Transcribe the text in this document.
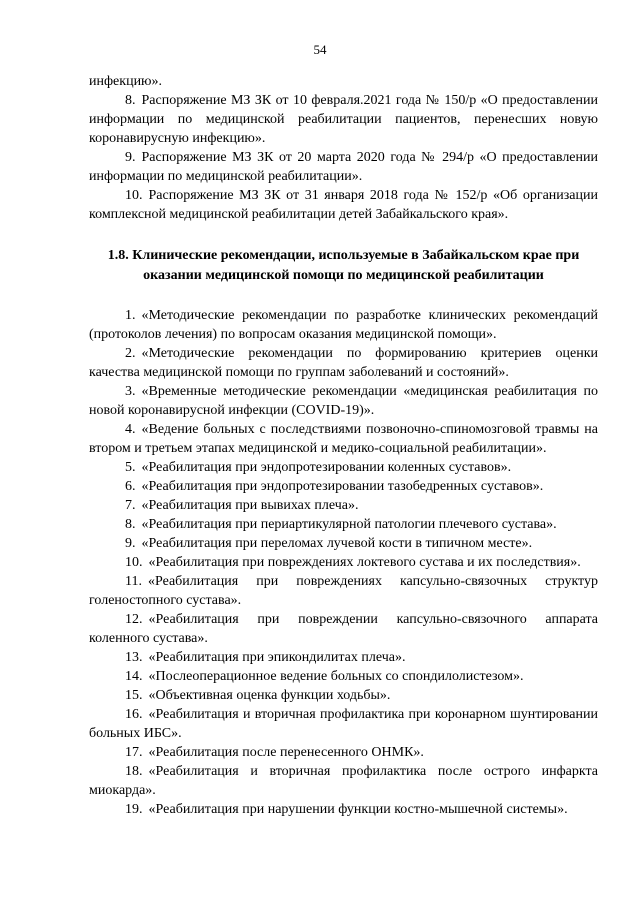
54

инфекцию».

8. Распоряжение МЗ ЗК от 10 февраля.2021 года № 150/р «О предоставлении информации по медицинской реабилитации пациентов, перенесших новую коронавирусную инфекцию».

9. Распоряжение МЗ ЗК от 20 марта 2020 года № 294/р «О предоставлении информации по медицинской реабилитации».

10. Распоряжение МЗ ЗК от 31 января 2018 года № 152/р «Об организации комплексной медицинской реабилитации детей Забайкальского края».

1.8. Клинические рекомендации, используемые в Забайкальском крае при оказании медицинской помощи по медицинской реабилитации

1. «Методические рекомендации по разработке клинических рекомендаций (протоколов лечения) по вопросам оказания медицинской помощи».

2. «Методические рекомендации по формированию критериев оценки качества медицинской помощи по группам заболеваний и состояний».

3. «Временные методические рекомендации «медицинская реабилитация по новой коронавирусной инфекции (COVID-19)».

4. «Ведение больных с последствиями позвоночно-спиномозговой травмы на втором и третьем этапах медицинской и медико-социальной реабилитации».

5. «Реабилитация при эндопротезировании коленных суставов».

6. «Реабилитация при эндопротезировании тазобедренных суставов».

7. «Реабилитация при вывихах плеча».

8. «Реабилитация при периартикулярной патологии плечевого сустава».

9. «Реабилитация при переломах лучевой кости в типичном месте».

10. «Реабилитация при повреждениях локтевого сустава и их последствия».

11. «Реабилитация при повреждениях капсульно-связочных структур голеностопного сустава».

12. «Реабилитация при повреждении капсульно-связочного аппарата коленного сустава».

13. «Реабилитация при эпикондилитах плеча».

14. «Послеоперационное ведение больных со спондилолистезом».

15. «Объективная оценка функции ходьбы».

16. «Реабилитация и вторичная профилактика при коронарном шунтировании больных ИБС».

17. «Реабилитация после перенесенного ОНМК».

18. «Реабилитация и вторичная профилактика после острого инфаркта миокарда».

19. «Реабилитация при нарушении функции костно-мышечной системы».
